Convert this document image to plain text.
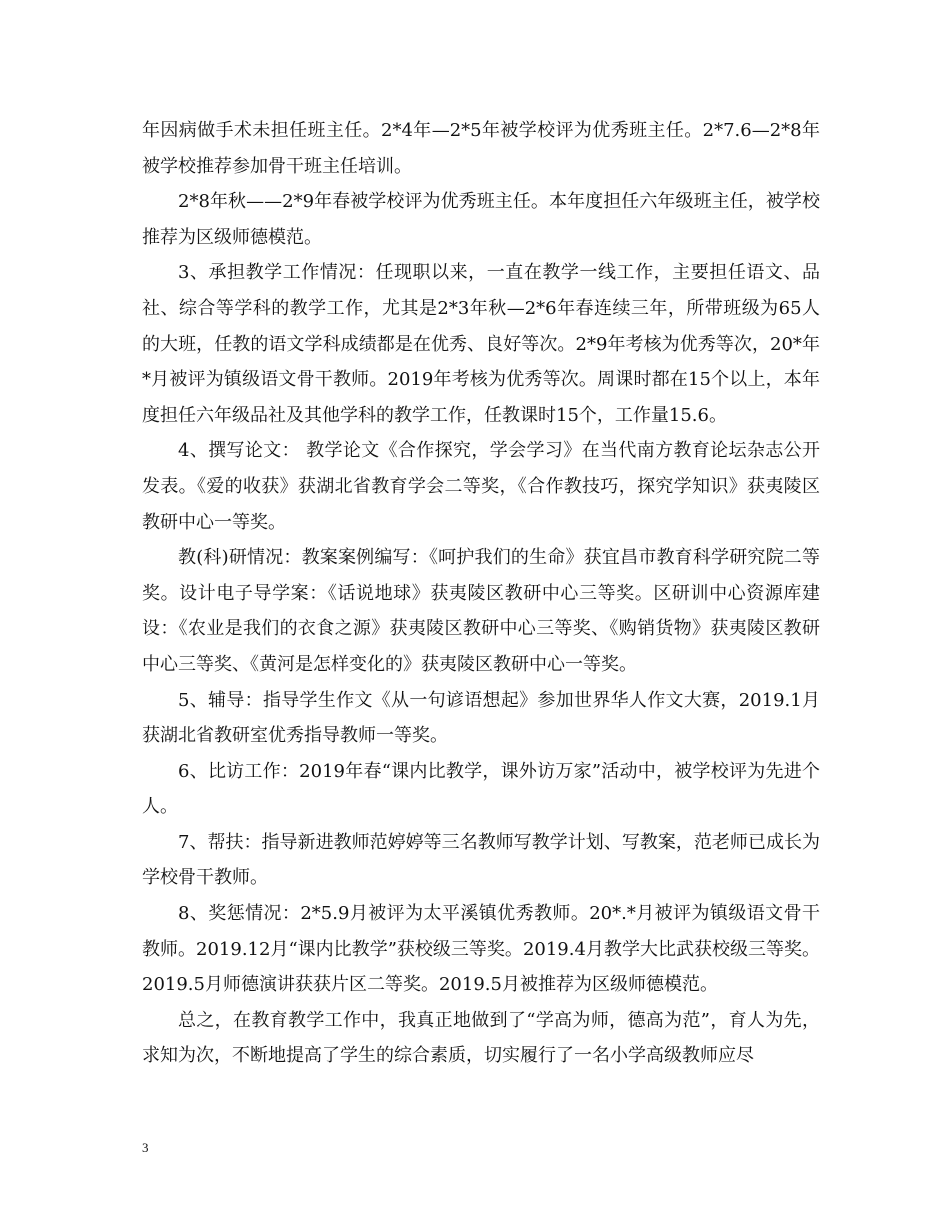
年因病做手术未担任班主任。2*4年—2*5年被学校评为优秀班主任。2*7.6—2*8年被学校推荐参加骨干班主任培训。

2*8年秋——2*9年春被学校评为优秀班主任。本年度担任六年级班主任，被学校推荐为区级师德模范。

3、承担教学工作情况：任现职以来，一直在教学一线工作，主要担任语文、品社、综合等学科的教学工作，尤其是2*3年秋—2*6年春连续三年，所带班级为65人的大班，任教的语文学科成绩都是在优秀、良好等次。2*9年考核为优秀等次，20*年*月被评为镇级语文骨干教师。2019年考核为优秀等次。周课时都在15个以上，本年度担任六年级品社及其他学科的教学工作，任教课时15个，工作量15.6。

4、撰写论文： 教学论文《合作探究，学会学习》在当代南方教育论坛杂志公开发表。《爱的收获》获湖北省教育学会二等奖，《合作教技巧，探究学知识》获夷陵区教研中心一等奖。

教(科)研情况：教案案例编写：《呵护我们的生命》获宜昌市教育科学研究院二等奖。设计电子导学案：《话说地球》获夷陵区教研中心三等奖。区研训中心资源库建设：《农业是我们的衣食之源》获夷陵区教研中心三等奖、《购销货物》获夷陵区教研中心三等奖、《黄河是怎样变化的》获夷陵区教研中心一等奖。

5、辅导：指导学生作文《从一句谚语想起》参加世界华人作文大赛，2019.1月获湖北省教研室优秀指导教师一等奖。

6、比访工作：2019年春“课内比教学，课外访万家”活动中，被学校评为先进个人。

7、帮扶：指导新进教师范婷婷等三名教师写教学计划、写教案，范老师已成长为学校骨干教师。

8、奖惩情况：2*5.9月被评为太平溪镇优秀教师。20*.*月被评为镇级语文骨干教师。2019.12月“课内比教学”获校级三等奖。2019.4月教学大比武获校级三等奖。2019.5月师德演讲获获片区二等奖。2019.5月被推荐为区级师德模范。

总之，在教育教学工作中，我真正地做到了“学高为师，德高为范”，育人为先，求知为次，不断地提高了学生的综合素质，切实履行了一名小学高级教师应尽

3
